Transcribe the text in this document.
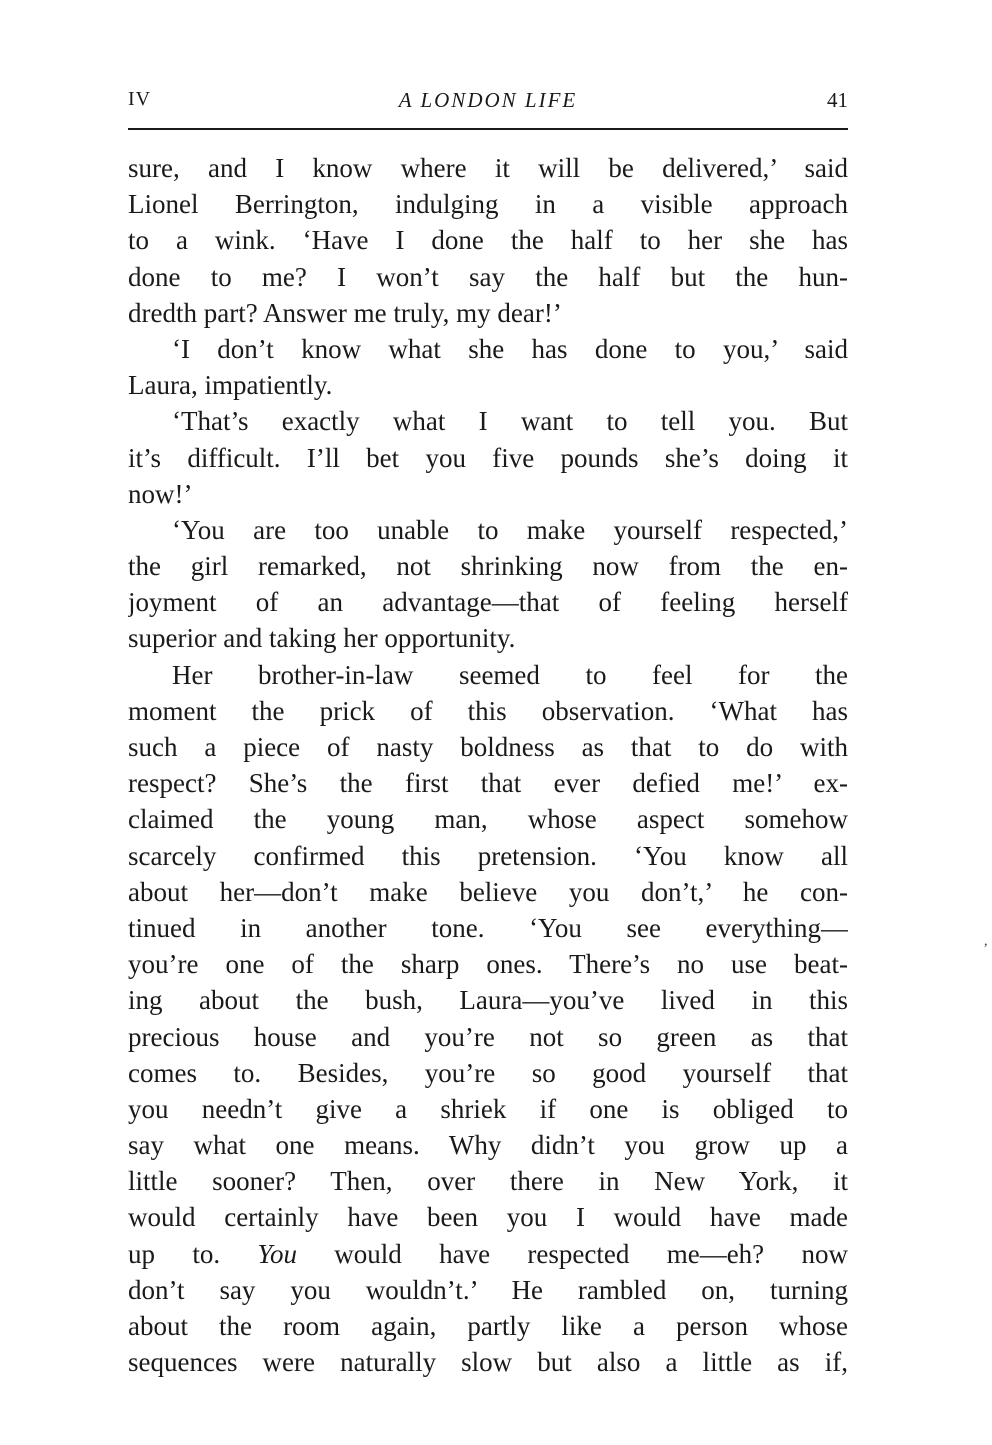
IV	A LONDON LIFE	41
sure, and I know where it will be delivered,’ said
Lionel Berrington, indulging in a visible approach
to a wink. ‘Have I done the half to her she has
done to me? I won’t say the half but the hun-
dredth part? Answer me truly, my dear!’
‘I don’t know what she has done to you,’ said
Laura, impatiently.
‘That’s exactly what I want to tell you. But
it’s difficult. I’ll bet you five pounds she’s doing it
now!’
‘You are too unable to make yourself respected,’
the girl remarked, not shrinking now from the en-
joyment of an advantage—that of feeling herself
superior and taking her opportunity.
Her brother-in-law seemed to feel for the
moment the prick of this observation. ‘What has
such a piece of nasty boldness as that to do with
respect? She’s the first that ever defied me!’ ex-
claimed the young man, whose aspect somehow
scarcely confirmed this pretension. ‘You know all
about her—don’t make believe you don’t,’ he con-
tinued in another tone. ‘You see everything—
you’re one of the sharp ones. There’s no use beat-
ing about the bush, Laura—you’ve lived in this
precious house and you’re not so green as that
comes to. Besides, you’re so good yourself that
you needn’t give a shriek if one is obliged to
say what one means. Why didn’t you grow up a
little sooner? Then, over there in New York, it
would certainly have been you I would have made
up to. You would have respected me—eh? now
don’t say you wouldn’t.’ He rambled on, turning
about the room again, partly like a person whose
sequences were naturally slow but also a little as if,
,
